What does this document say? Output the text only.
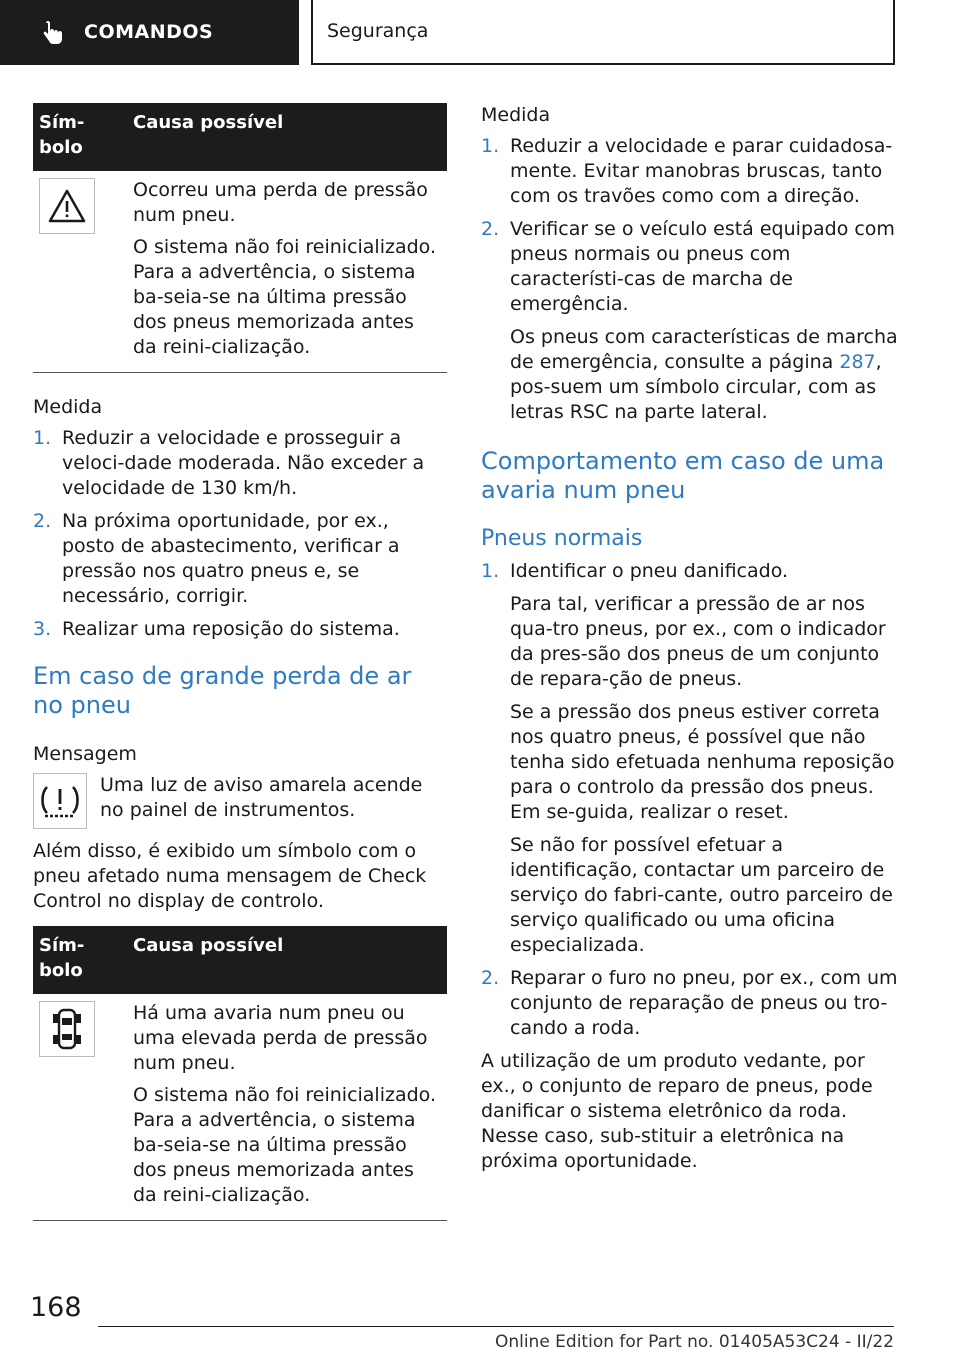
COMANDOS	Segurança
Sím-
bolo	Causa possível

Ocorreu uma perda de pressão num pneu.

O sistema não foi reinicializado. Para a advertência, o sistema ba-seia-se na última pressão dos pneus memorizada antes da reini-cialização.

Medida
1. Reduzir a velocidade e prosseguir a veloci-dade moderada. Não exceder a velocidade de 130 km/h.
2. Na próxima oportunidade, por ex., posto de abastecimento, verificar a pressão nos quatro pneus e, se necessário, corrigir.
3. Realizar uma reposição do sistema.
Em caso de grande perda de ar no pneu
Mensagem

Uma luz de aviso amarela acende no painel de instrumentos.

Além disso, é exibido um símbolo com o pneu afetado numa mensagem de Check Control no display de controlo.

Sím-
bolo	Causa possível

Há uma avaria num pneu ou uma elevada perda de pressão num pneu.

O sistema não foi reinicializado. Para a advertência, o sistema ba-seia-se na última pressão dos pneus memorizada antes da reini-cialização.

Medida
1. Reduzir a velocidade e parar cuidadosa-mente. Evitar manobras bruscas, tanto com os travões como com a direção.
2. Verificar se o veículo está equipado com pneus normais ou pneus com característi-cas de marcha de emergência.

Os pneus com características de marcha de emergência, consulte a página 287, pos-suem um símbolo circular, com as letras RSC na parte lateral.

Comportamento em caso de uma avaria num pneu
Pneus normais
1. Identificar o pneu danificado.

Para tal, verificar a pressão de ar nos qua-tro pneus, por ex., com o indicador da pres-são dos pneus de um conjunto de repara-ção de pneus.

Se a pressão dos pneus estiver correta nos quatro pneus, é possível que não tenha sido efetuada nenhuma reposição para o controlo da pressão dos pneus. Em se-guida, realizar o reset.

Se não for possível efetuar a identificação, contactar um parceiro de serviço do fabri-cante, outro parceiro de serviço qualificado ou uma oficina especializada.

2. Reparar o furo no pneu, por ex., com um conjunto de reparação de pneus ou tro-cando a roda.

A utilização de um produto vedante, por ex., o conjunto de reparo de pneus, pode danificar o sistema eletrônico da roda. Nesse caso, sub-stituir a eletrônica na próxima oportunidade.

168
Online Edition for Part no. 01405A53C24 - II/22
